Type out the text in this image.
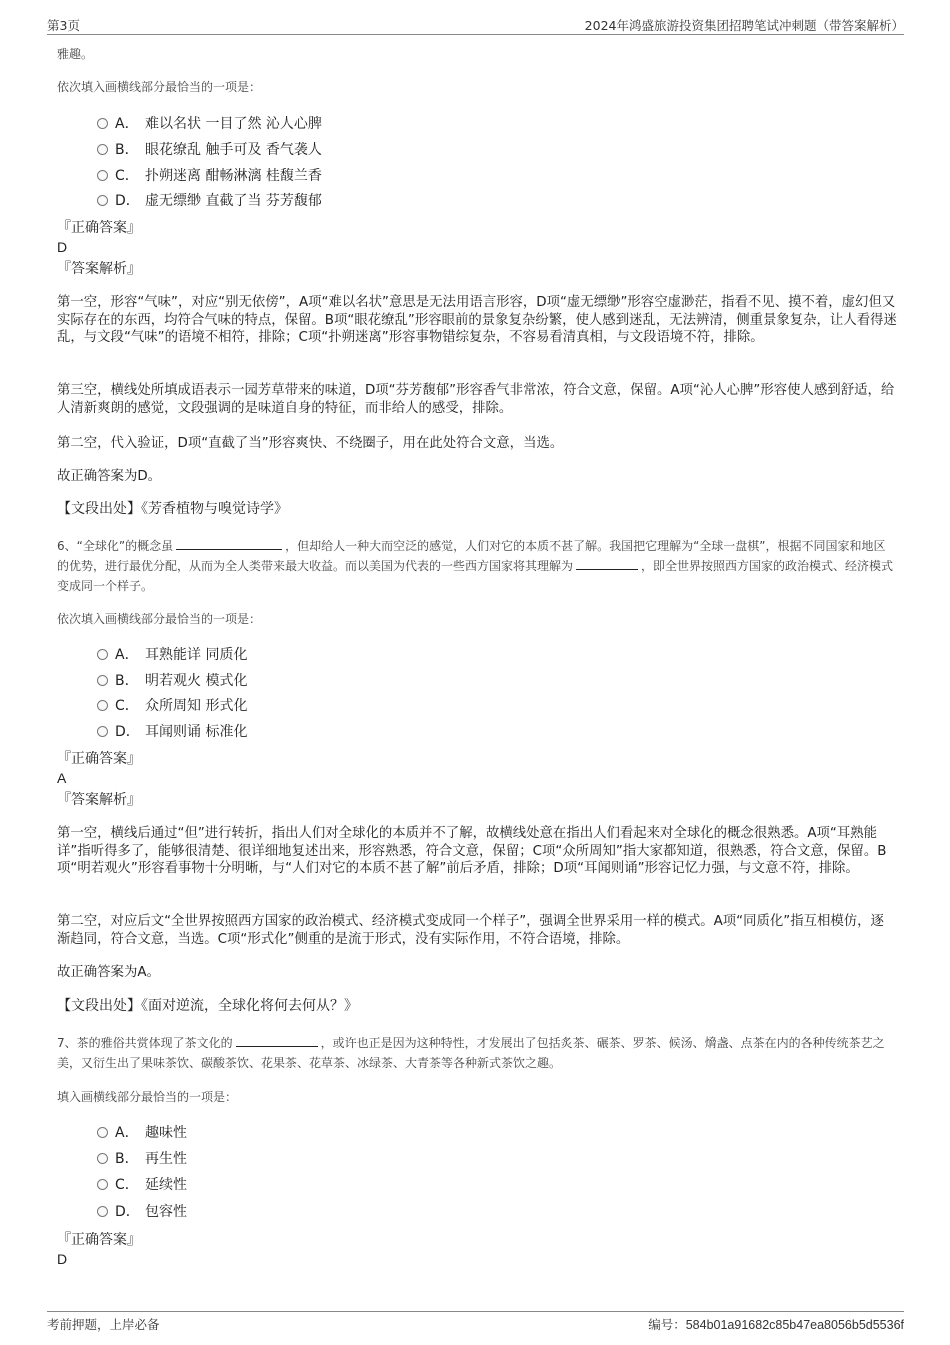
第3页	2024年鸿盛旅游投资集团招聘笔试冲刺题（带答案解析）
雅趣。
依次填入画横线部分最恰当的一项是：
A． 难以名状 一目了然 沁人心脾
B． 眼花缭乱 触手可及 香气袭人
C． 扑朔迷离 酣畅淋漓 桂馥兰香
D． 虚无缥缈 直截了当 芬芳馥郁
『正确答案』
D
『答案解析』
第一空，形容“气味”，对应“别无依傍”，A项“难以名状”意思是无法用语言形容，D项“虚无缥缈”形容空虚渺茫，指看不见、摸不着，虚幻但又实际存在的东西，均符合气味的特点，保留。B项“眼花缭乱”形容眼前的景象复杂纷繁，使人感到迷乱，无法辨清，侧重景象复杂，让人看得迷乱，与文段“气味”的语境不相符，排除；C项“扑朔迷离”形容事物错综复杂，不容易看清真相，与文段语境不符，排除。
第三空，横线处所填成语表示一园芳草带来的味道，D项“芬芳馥郁”形容香气非常浓，符合文意，保留。A项“沁人心脾”形容使人感到舒适，给人清新爽朗的感觉，文段强调的是味道自身的特征，而非给人的感受，排除。
第二空，代入验证，D项“直截了当”形容爽快、不绕圈子，用在此处符合文意，当选。
故正确答案为D。
【文段出处】《芳香植物与嗅觉诗学》
6、“全球化”的概念虽	，但却给人一种大而空泛的感觉，人们对它的本质不甚了解。我国把它理解为“全球一盘棋”，根据不同国家和地区的优势，进行最优分配，从而为全人类带来最大收益。而以美国为代表的一些西方国家将其理解为	，即全世界按照西方国家的政治模式、经济模式变成同一个样子。
依次填入画横线部分最恰当的一项是：
A． 耳熟能详 同质化
B． 明若观火 模式化
C． 众所周知 形式化
D． 耳闻则诵 标准化
『正确答案』
A
『答案解析』
第一空，横线后通过“但”进行转折，指出人们对全球化的本质并不了解，故横线处意在指出人们看起来对全球化的概念很熟悉。A项“耳熟能详”指听得多了，能够很清楚、很详细地复述出来，形容熟悉，符合文意，保留；C项“众所周知”指大家都知道，很熟悉，符合文意，保留。B项“明若观火”形容看事物十分明晰，与“人们对它的本质不甚了解”前后矛盾，排除；D项“耳闻则诵”形容记忆力强，与文意不符，排除。
第二空，对应后文“全世界按照西方国家的政治模式、经济模式变成同一个样子”，强调全世界采用一样的模式。A项“同质化”指互相模仿，逐渐趋同，符合文意，当选。C项“形式化”侧重的是流于形式，没有实际作用，不符合语境，排除。
故正确答案为A。
【文段出处】《面对逆流，全球化将何去何从？》
7、茶的雅俗共赏体现了茶文化的	，或许也正是因为这种特性，才发展出了包括炙茶、碾茶、罗茶、候汤、熁盏、点茶在内的各种传统茶艺之美，又衍生出了果味茶饮、碳酸茶饮、花果茶、花草茶、冰绿茶、大青茶等各种新式茶饮之趣。
填入画横线部分最恰当的一项是：
A． 趣味性
B． 再生性
C． 延续性
D． 包容性
『正确答案』
D
考前押题，上岸必备	编号：584b01a91682c85b47ea8056b5d5536f
